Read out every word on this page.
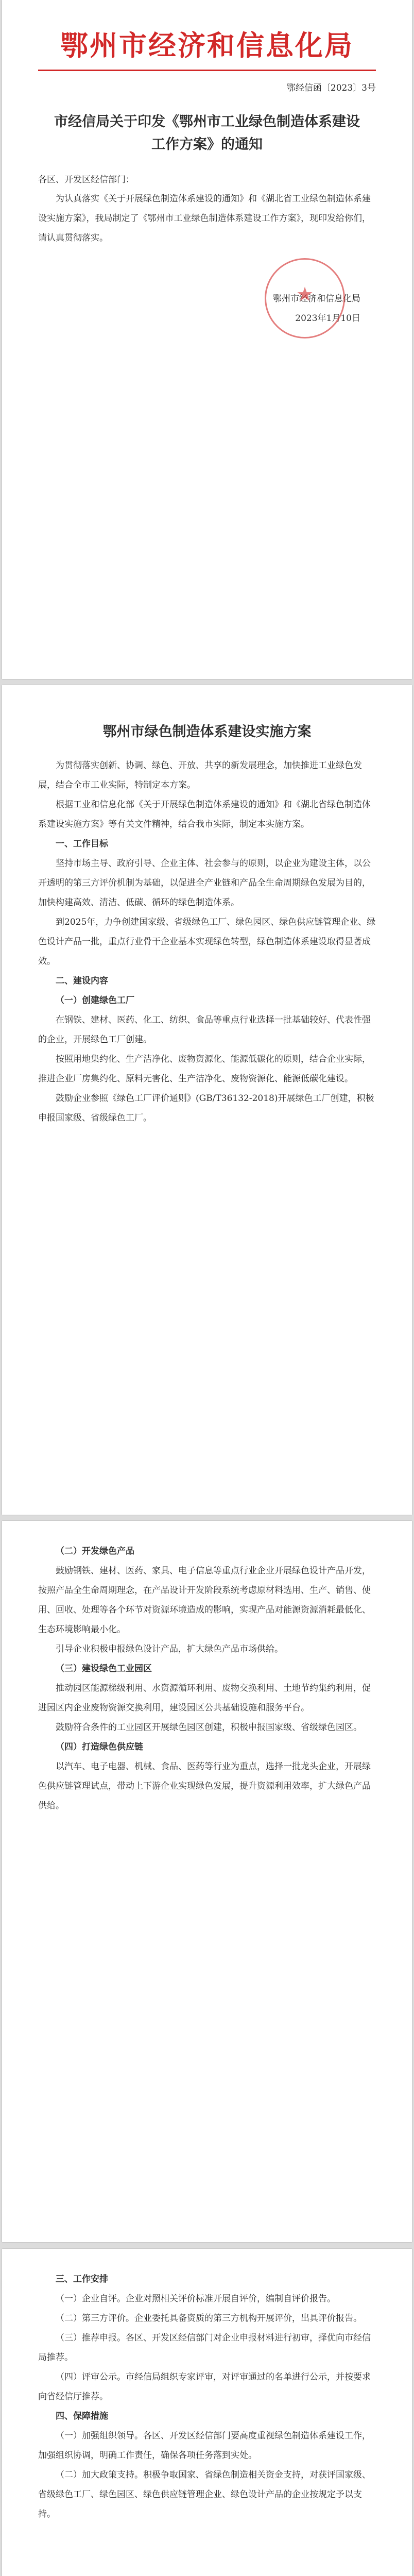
鄂州市经济和信息化局
鄂经信函〔2023〕3号
市经信局关于印发《鄂州市工业绿色制造体系建设工作方案》的通知
各区、开发区经信部门：

为认真落实《关于开展绿色制造体系建设的通知》和《湖北省工业绿色制造体系建设实施方案》，我局制定了《鄂州市工业绿色制造体系建设工作方案》，现印发给你们，请认真贯彻落实。

★
鄂州市经济和信息化局
2023年1月10日
鄂州市绿色制造体系建设实施方案

为贯彻落实创新、协调、绿色、开放、共享的新发展理念，加快推进工业绿色发展，结合全市工业实际，特制定本方案。

根据工业和信息化部《关于开展绿色制造体系建设的通知》和《湖北省绿色制造体系建设实施方案》等有关文件精神，结合我市实际，制定本实施方案。

一、工作目标

坚持市场主导、政府引导、企业主体、社会参与的原则，以企业为建设主体，以公开透明的第三方评价机制为基础，以促进全产业链和产品全生命周期绿色发展为目的，加快构建高效、清洁、低碳、循环的绿色制造体系。

到2025年，力争创建国家级、省级绿色工厂、绿色园区、绿色供应链管理企业、绿色设计产品一批，重点行业骨干企业基本实现绿色转型，绿色制造体系建设取得显著成效。

二、建设内容

（一）创建绿色工厂

在钢铁、建材、医药、化工、纺织、食品等重点行业选择一批基础较好、代表性强的企业，开展绿色工厂创建。

按照用地集约化、生产洁净化、废物资源化、能源低碳化的原则，结合企业实际，推进企业厂房集约化、原料无害化、生产洁净化、废物资源化、能源低碳化建设。

鼓励企业参照《绿色工厂评价通则》(GB/T36132-2018)开展绿色工厂创建，积极申报国家级、省级绿色工厂。

（二）开发绿色产品

鼓励钢铁、建材、医药、家具、电子信息等重点行业企业开展绿色设计产品开发，按照产品全生命周期理念，在产品设计开发阶段系统考虑原材料选用、生产、销售、使用、回收、处理等各个环节对资源环境造成的影响，实现产品对能源资源消耗最低化、生态环境影响最小化。

引导企业积极申报绿色设计产品，扩大绿色产品市场供给。

（三）建设绿色工业园区

推动园区能源梯级利用、水资源循环利用、废物交换利用、土地节约集约利用，促进园区内企业废物资源交换利用，建设园区公共基础设施和服务平台。

鼓励符合条件的工业园区开展绿色园区创建，积极申报国家级、省级绿色园区。

（四）打造绿色供应链

以汽车、电子电器、机械、食品、医药等行业为重点，选择一批龙头企业，开展绿色供应链管理试点，带动上下游企业实现绿色发展，提升资源利用效率，扩大绿色产品供给。

三、工作安排

（一）企业自评。企业对照相关评价标准开展自评价，编制自评价报告。

（二）第三方评价。企业委托具备资质的第三方机构开展评价，出具评价报告。

（三）推荐申报。各区、开发区经信部门对企业申报材料进行初审，择优向市经信局推荐。

（四）评审公示。市经信局组织专家评审，对评审通过的名单进行公示，并按要求向省经信厅推荐。

四、保障措施

（一）加强组织领导。各区、开发区经信部门要高度重视绿色制造体系建设工作，加强组织协调，明确工作责任，确保各项任务落到实处。

（二）加大政策支持。积极争取国家、省绿色制造相关资金支持，对获评国家级、省级绿色工厂、绿色园区、绿色供应链管理企业、绿色设计产品的企业按规定予以支持。
